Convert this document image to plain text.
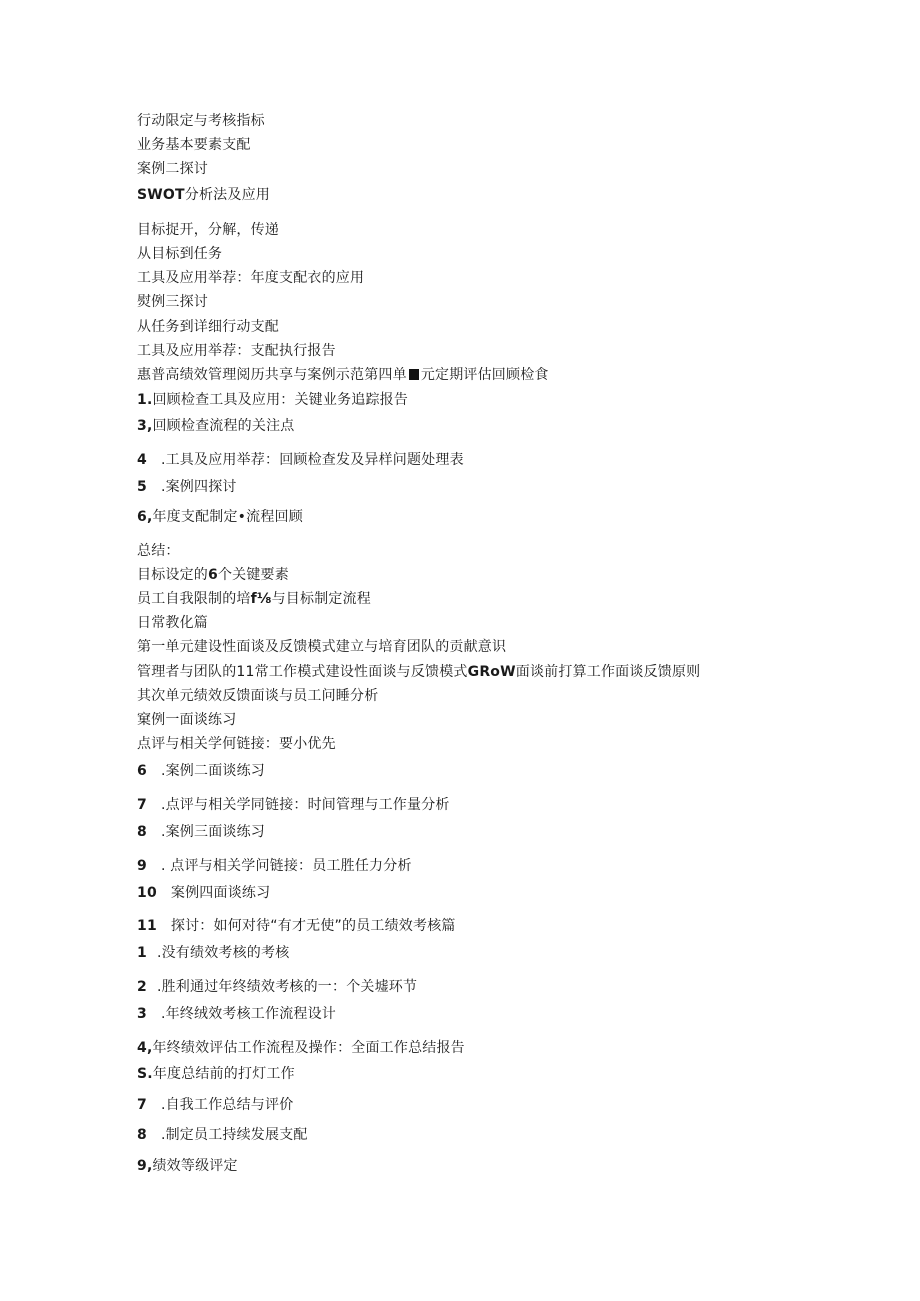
行动限定与考核指标
业务基本要素支配
案例二探讨
SWOT分析法及应用
目标捉开，分解，传递
从目标到任务
工具及应用举荐：年度支配衣的应用
熨例三探讨
从任务到详细行动支配
工具及应用举荐：支配执行报告
惠普高绩效管理阅历共享与案例示范第四单 元定期评估回顾检食
1.回顾检查工具及应用：关键业务追踪报告
3,回顾检查流程的关注点
4 .工具及应用举荐：回顾检查发及异样问题处理表
5 .案例四探讨
6,年度支配制定•流程回顾
总结：
目标设定的6个关键要素
员工自我限制的培f⅛与目标制定流程
日常教化篇
第一单元建设性面谈及反馈模式建立与培育团队的贡献意识
管理者与团队的11常工作模式建设性面谈与反馈模式GRoW面谈前打算工作面谈反馈原则
其次单元绩效反馈面谈与员工问睡分析
窠例一面谈练习
点评与相关学何链接：要小优先
6 .案例二面谈练习
7 .点评与相关学同链接：时间管理与工作量分析
8 .案例三面谈练习
9 . 点评与相关学问链接：员工胜任力分析
10 案例四面谈练习
11 探讨：如何对待“有才无使”的员工绩效考核篇
1 .没有绩效考核的考核
2 .胜利通过年终绩效考核的一：个关墟环节
3 .年终绒效考核工作流程设计
4,年终绩效评估工作流程及操作：全面工作总结报告
S.年度总结前的打灯工作
7 .自我工作总结与评价
8 .制定员工持续发展支配
9,绩效等级评定
